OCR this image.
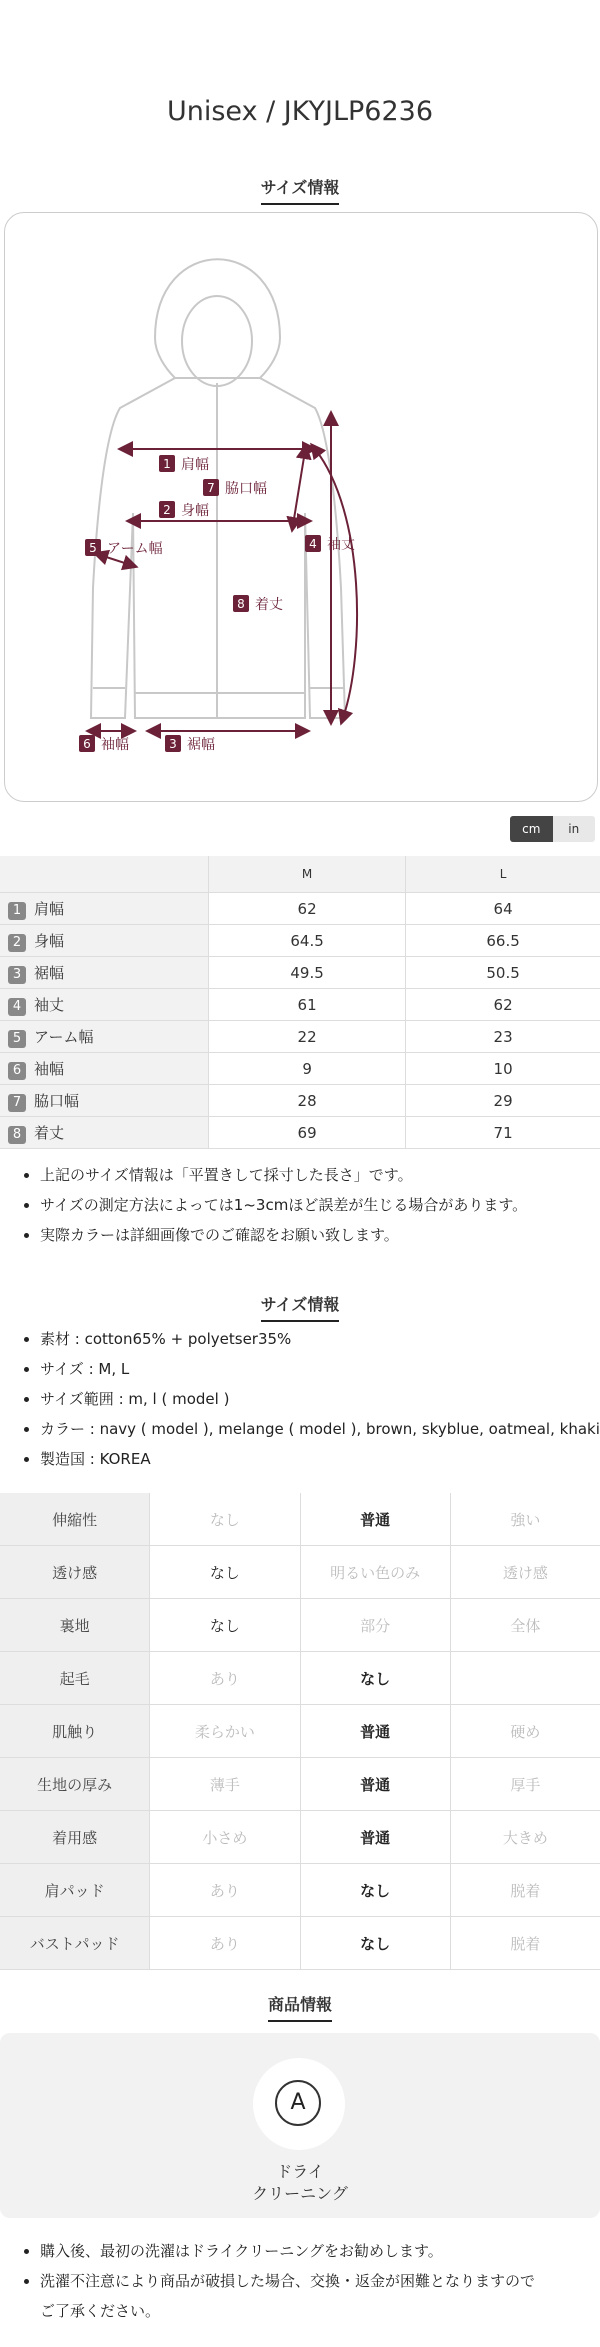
Unisex / JKYJLP6236
サイズ情報
1 肩幅
7 脇口幅
2 身幅
5 アーム幅	4 袖丈
8 着丈
6 袖幅	3 裾幅
cm	in
	M	L
1 肩幅	62	64
2 身幅	64.5	66.5
3 裾幅	49.5	50.5
4 袖丈	61	62
5 アーム幅	22	23
6 袖幅	9	10
7 脇口幅	28	29
8 着丈	69	71
• 上記のサイズ情報は「平置きして採寸した長さ」です。
• サイズの測定方法によっては1~3cmほど誤差が生じる場合があります。
• 実際カラーは詳細画像でのご確認をお願い致します。
サイズ情報
• 素材 : cotton65% + polyetser35%
• サイズ : M, L
• サイズ範囲 : m, l ( model )
• カラー : navy ( model ), melange ( model ), brown, skyblue, oatmeal, khaki
• 製造国 : KOREA
伸縮性	なし	普通	強い
透け感	なし	明るい色のみ	透け感
裏地	なし	部分	全体
起毛	あり	なし	
肌触り	柔らかい	普通	硬め
生地の厚み	薄手	普通	厚手
着用感	小さめ	普通	大きめ
肩パッド	あり	なし	脱着
バストパッド	あり	なし	脱着
商品情報
A
ドライ
クリーニング
• 購入後、最初の洗濯はドライクリーニングをお勧めします。
• 洗濯不注意により商品が破損した場合、交換・返金が困難となりますので
ご了承ください。
